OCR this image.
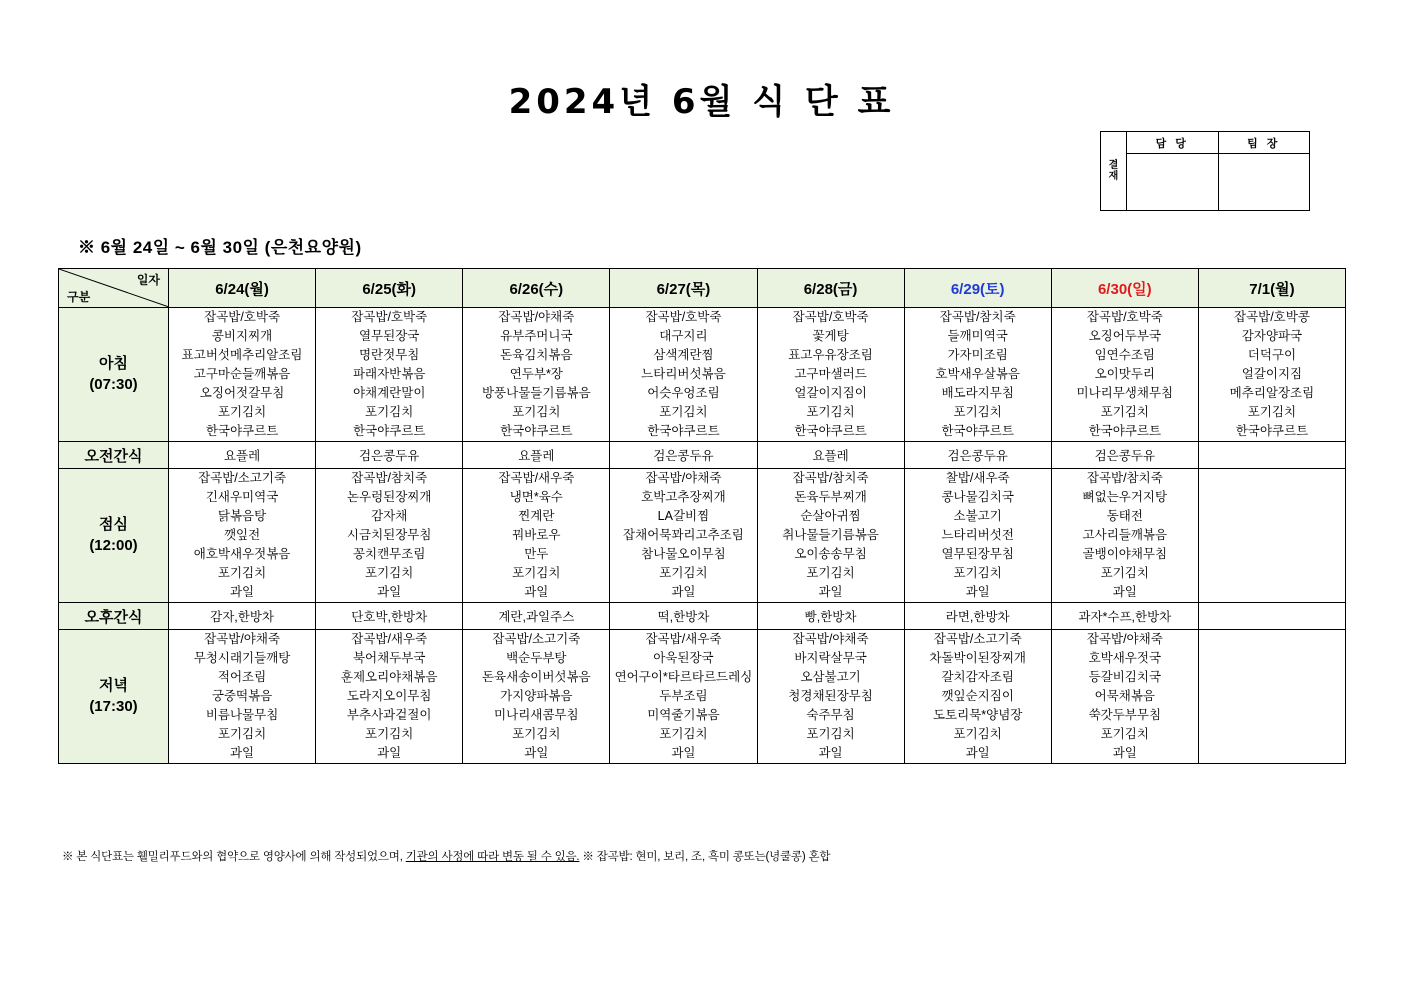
2024년 6월 식 단 표
결
재
담 당	팀 장
※ 6월 24일 ~ 6월 30일 (은천요양원)
일자
구분	6/24(월)	6/25(화)	6/26(수)	6/27(목)	6/28(금)	6/29(토)	6/30(일)	7/1(월)

아침
(07:30)

잡곡밥/호박죽
콩비지찌개
표고버섯메추리알조림
고구마순들깨볶음
오징어젓갈무침
포기김치
한국야쿠르트

잡곡밥/호박죽
열무된장국
명란젓무침
파래자반볶음
야채계란말이
포기김치
한국야쿠르트

잡곡밥/야채죽
유부주머니국
돈육김치볶음
연두부*장
방풍나물들기름볶음
포기김치
한국야쿠르트

잡곡밥/호박죽
대구지리
삼색계란찜
느타리버섯볶음
어슷우엉조림
포기김치
한국야쿠르트

잡곡밥/호박죽
꽃게탕
표고우유장조림
고구마샐러드
얼갈이지짐이
포기김치
한국야쿠르트

잡곡밥/참치죽
들깨미역국
가자미조림
호박새우살볶음
배도라지무침
포기김치
한국야쿠르트

잡곡밥/호박죽
오징어두부국
임연수조림
오이맛두리
미나리무생채무침
포기김치
한국야쿠르트

잡곡밥/호박콩
감자양파국
더덕구이
얼갈이지짐
메추리알장조림
포기김치
한국야쿠르트

오전간식	요플레	검은콩두유	요플레	검은콩두유	요플레	검은콩두유	검은콩두유	

점심
(12:00)

잡곡밥/소고기죽
긴새우미역국
닭볶음탕
깻잎전
애호박새우젓볶음
포기김치
과일

잡곡밥/참치죽
논우렁된장찌개
감자채
시금치된장무침
꽁치캔무조림
포기김치
과일

잡곡밥/새우죽
냉면*육수
찐계란
꿔바로우
만두
포기김치
과일

잡곡밥/야채죽
호박고추장찌개
LA갈비찜
잡채어묵꽈리고추조림
참나물오이무침
포기김치
과일

잡곡밥/참치죽
돈육두부찌개
순살아귀찜
취나물들기름볶음
오이송송무침
포기김치
과일

찰밥/새우죽
콩나물김치국
소불고기
느타리버섯전
열무된장무침
포기김치
과일

잡곡밥/참치죽
뼈없는우거지탕
동태전
고사리들깨볶음
골뱅이야채무침
포기김치
과일

오후간식	감자,한방차	단호박,한방차	계란,과일주스	떡,한방차	빵,한방차	라면,한방차	과자*수프,한방차	

저녁
(17:30)

잡곡밥/야채죽
무청시래기들깨탕
적어조림
궁중떡볶음
비름나물무침
포기김치
과일

잡곡밥/새우죽
북어채두부국
훈제오리야채볶음
도라지오이무침
부추사과겉절이
포기김치
과일

잡곡밥/소고기죽
백순두부탕
돈육새송이버섯볶음
가지양파볶음
미나리새콤무침
포기김치
과일

잡곡밥/새우죽
아욱된장국
연어구이*타르타르드레싱
두부조림
미역줄기볶음
포기김치
과일

잡곡밥/야채죽
바지락살무국
오삼불고기
청경채된장무침
숙주무침
포기김치
과일

잡곡밥/소고기죽
차돌박이된장찌개
갈치감자조림
깻잎순지짐이
도토리묵*양념장
포기김치
과일

잡곡밥/야채죽
호박새우젓국
등갈비김치국
어묵채볶음
쑥갓두부무침
포기김치
과일

※ 본 식단표는 휄밀리푸드와의 협약으로 영양사에 의해 작성되었으며, 기관의 사정에 따라 변동 될 수 있음. ※ 잡곡밥: 현미, 보리, 조, 흑미 콩또는(녕쿨콩) 혼합
